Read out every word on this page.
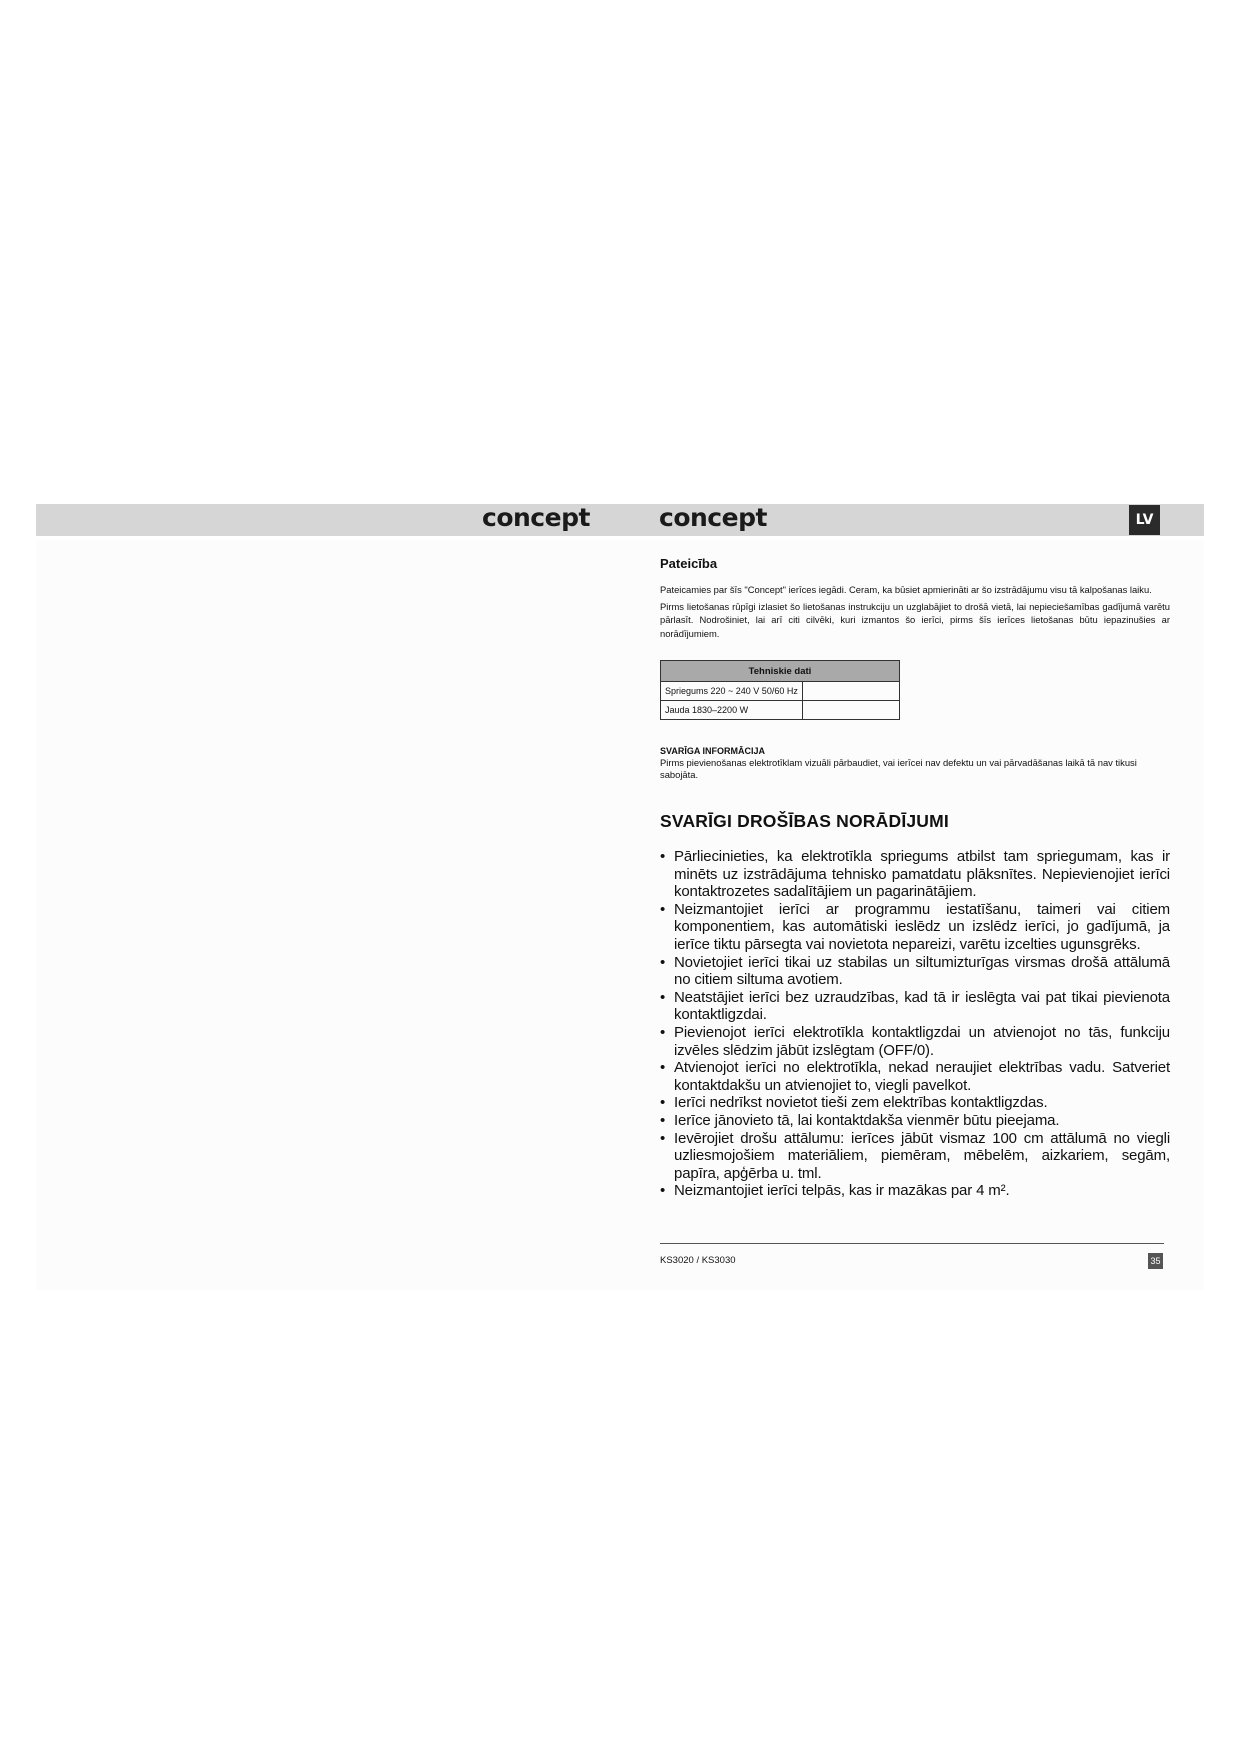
concept	concept	LV
Pateicība

Pateicamies par šīs "Concept" ierīces iegādi. Ceram, ka būsiet apmierināti ar šo izstrādājumu visu tā kalpošanas laiku.

Pirms lietošanas rūpīgi izlasiet šo lietošanas instrukciju un uzglabājiet to drošā vietā, lai nepieciešamības gadījumā varētu pārlasīt. Nodrošiniet, lai arī citi cilvēki, kuri izmantos šo ierīci, pirms šīs ierīces lietošanas būtu iepazinušies ar norādījumiem.

Tehniskie dati	
Spriegums 220 ~ 240 V 50/60 Hz	
Jauda 1830–2200 W	
SVARĪGA INFORMĀCIJA

Pirms pievienošanas elektrotīklam vizuāli pārbaudiet, vai ierīcei nav defektu un vai pārvadāšanas laikā tā nav tikusi sabojāta.

SVARĪGI DROŠĪBAS NORĀDĪJUMI
• Pārliecinieties, ka elektrotīkla spriegums atbilst tam spriegumam, kas ir minēts uz izstrādājuma tehnisko pamatdatu plāksnītes. Nepievienojiet ierīci kontaktrozetes sadalītājiem un pagarinātājiem.
• Neizmantojiet ierīci ar programmu iestatīšanu, taimeri vai citiem komponentiem, kas automātiski ieslēdz un izslēdz ierīci, jo gadījumā, ja ierīce tiktu pārsegta vai novietota nepareizi, varētu izcelties ugunsgrēks.
• Novietojiet ierīci tikai uz stabilas un siltumizturīgas virsmas drošā attālumā no citiem siltuma avotiem.
• Neatstājiet ierīci bez uzraudzības, kad tā ir ieslēgta vai pat tikai pievienota kontaktligzdai.
• Pievienojot ierīci elektrotīkla kontaktligzdai un atvienojot no tās, funkciju izvēles slēdzim jābūt izslēgtam (OFF/0).
• Atvienojot ierīci no elektrotīkla, nekad neraujiet elektrības vadu. Satveriet kontaktdakšu un atvienojiet to, viegli pavelkot.
• Ierīci nedrīkst novietot tieši zem elektrības kontaktligzdas.
• Ierīce jānovieto tā, lai kontaktdakša vienmēr būtu pieejama.
• Ievērojiet drošu attālumu: ierīces jābūt vismaz 100 cm attālumā no viegli uzliesmojošiem materiāliem, piemēram, mēbelēm, aizkariem, segām, papīra, apģērba u. tml.
• Neizmantojiet ierīci telpās, kas ir mazākas par 4 m².
KS3020 / KS3030	35
